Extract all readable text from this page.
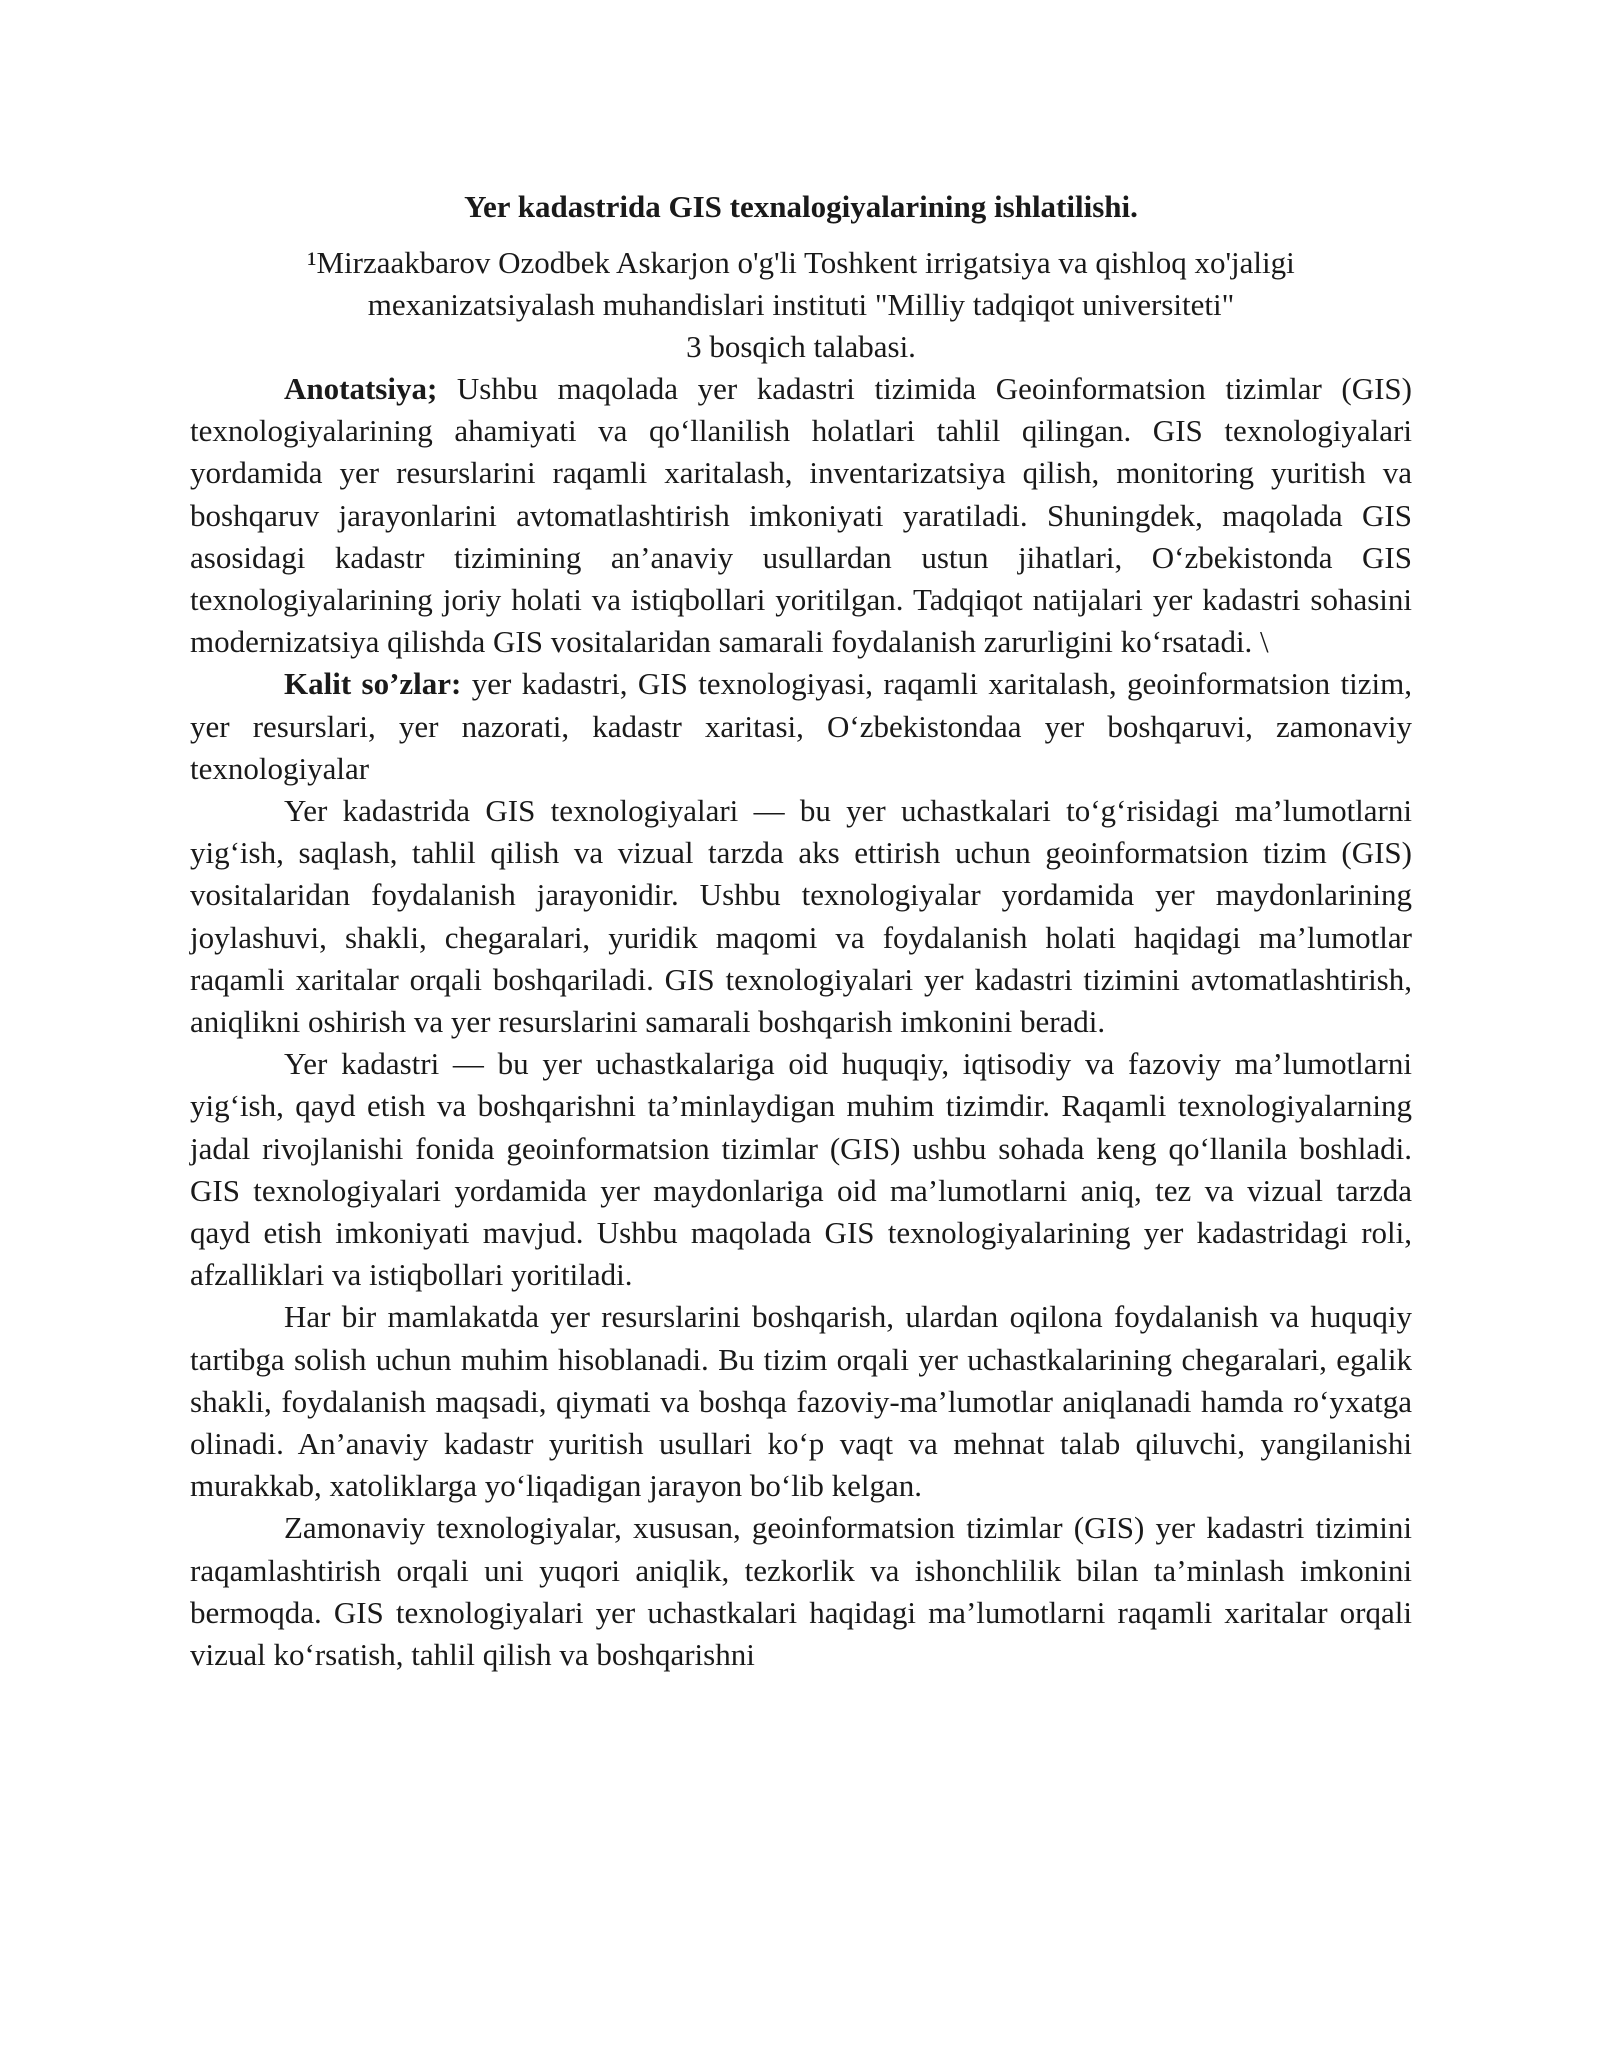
Yer kadastrida GIS texnalogiyalarining ishlatilishi.

¹Mirzaakbarov Ozodbek Askarjon o'g'li Toshkent irrigatsiya va qishloq xo'jaligi
mexanizatsiyalash muhandislari instituti "Milliy tadqiqot universiteti"
3 bosqich talabasi.

Anotatsiya; Ushbu maqolada yer kadastri tizimida Geoinformatsion tizimlar (GIS) texnologiyalarining ahamiyati va qo‘llanilish holatlari tahlil qilingan. GIS texnologiyalari yordamida yer resurslarini raqamli xaritalash, inventarizatsiya qilish, monitoring yuritish va boshqaruv jarayonlarini avtomatlashtirish imkoniyati yaratiladi. Shuningdek, maqolada GIS asosidagi kadastr tizimining an’anaviy usullardan ustun jihatlari, O‘zbekistonda GIS texnologiyalarining joriy holati va istiqbollari yoritilgan. Tadqiqot natijalari yer kadastri sohasini modernizatsiya qilishda GIS vositalaridan samarali foydalanish zarurligini ko‘rsatadi. \

Kalit so’zlar: yer kadastri, GIS texnologiyasi, raqamli xaritalash, geoinformatsion tizim, yer resurslari, yer nazorati, kadastr xaritasi, O‘zbekistondaa yer boshqaruvi, zamonaviy texnologiyalar

Yer kadastrida GIS texnologiyalari — bu yer uchastkalari to‘g‘risidagi ma’lumotlarni yig‘ish, saqlash, tahlil qilish va vizual tarzda aks ettirish uchun geoinformatsion tizim (GIS) vositalaridan foydalanish jarayonidir. Ushbu texnologiyalar yordamida yer maydonlarining joylashuvi, shakli, chegaralari, yuridik maqomi va foydalanish holati haqidagi ma’lumotlar raqamli xaritalar orqali boshqariladi. GIS texnologiyalari yer kadastri tizimini avtomatlashtirish, aniqlikni oshirish va yer resurslarini samarali boshqarish imkonini beradi.

Yer kadastri — bu yer uchastkalariga oid huquqiy, iqtisodiy va fazoviy ma’lumotlarni yig‘ish, qayd etish va boshqarishni ta’minlaydigan muhim tizimdir. Raqamli texnologiyalarning jadal rivojlanishi fonida geoinformatsion tizimlar (GIS) ushbu sohada keng qo‘llanila boshladi. GIS texnologiyalari yordamida yer maydonlariga oid ma’lumotlarni aniq, tez va vizual tarzda qayd etish imkoniyati mavjud. Ushbu maqolada GIS texnologiyalarining yer kadastridagi roli, afzalliklari va istiqbollari yoritiladi.

Har bir mamlakatda yer resurslarini boshqarish, ulardan oqilona foydalanish va huquqiy tartibga solish uchun muhim hisoblanadi. Bu tizim orqali yer uchastkalarining chegaralari, egalik shakli, foydalanish maqsadi, qiymati va boshqa fazoviy-ma’lumotlar aniqlanadi hamda ro‘yxatga olinadi. An’anaviy kadastr yuritish usullari ko‘p vaqt va mehnat talab qiluvchi, yangilanishi murakkab, xatoliklarga yo‘liqadigan jarayon bo‘lib kelgan.

Zamonaviy texnologiyalar, xususan, geoinformatsion tizimlar (GIS) yer kadastri tizimini raqamlashtirish orqali uni yuqori aniqlik, tezkorlik va ishonchlilik bilan ta’minlash imkonini bermoqda. GIS texnologiyalari yer uchastkalari haqidagi ma’lumotlarni raqamli xaritalar orqali vizual ko‘rsatish, tahlil qilish va boshqarishni
